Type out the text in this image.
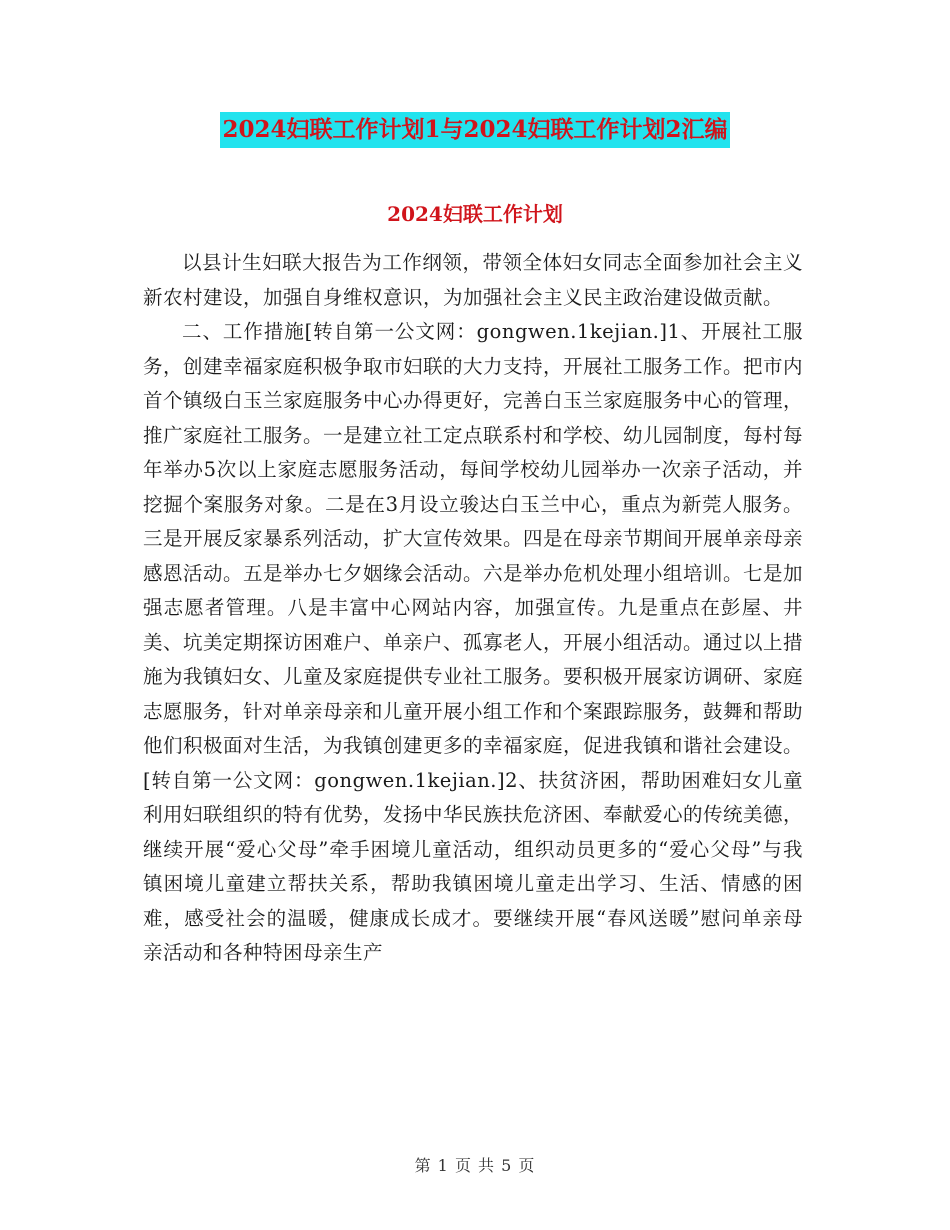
2024妇联工作计划1与2024妇联工作计划2汇编
2024妇联工作计划

以县计生妇联大报告为工作纲领，带领全体妇女同志全面参加社会主义新农村建设，加强自身维权意识，为加强社会主义民主政治建设做贡献。

二、工作措施[转自第一公文网：gongwen.1kejian.]1、开展社工服务，创建幸福家庭积极争取市妇联的大力支持，开展社工服务工作。把市内首个镇级白玉兰家庭服务中心办得更好，完善白玉兰家庭服务中心的管理，推广家庭社工服务。一是建立社工定点联系村和学校、幼儿园制度，每村每年举办5次以上家庭志愿服务活动，每间学校幼儿园举办一次亲子活动，并挖掘个案服务对象。二是在3月设立骏达白玉兰中心，重点为新莞人服务。三是开展反家暴系列活动，扩大宣传效果。四是在母亲节期间开展单亲母亲感恩活动。五是举办七夕姻缘会活动。六是举办危机处理小组培训。七是加强志愿者管理。八是丰富中心网站内容，加强宣传。九是重点在彭屋、井美、坑美定期探访困难户、单亲户、孤寡老人，开展小组活动。通过以上措施为我镇妇女、儿童及家庭提供专业社工服务。要积极开展家访调研、家庭志愿服务，针对单亲母亲和儿童开展小组工作和个案跟踪服务，鼓舞和帮助他们积极面对生活，为我镇创建更多的幸福家庭，促进我镇和谐社会建设。[转自第一公文网：gongwen.1kejian.]2、扶贫济困，帮助困难妇女儿童利用妇联组织的特有优势，发扬中华民族扶危济困、奉献爱心的传统美德，继续开展“爱心父母”牵手困境儿童活动，组织动员更多的“爱心父母”与我镇困境儿童建立帮扶关系，帮助我镇困境儿童走出学习、生活、情感的困难，感受社会的温暖，健康成长成才。要继续开展“春风送暖”慰问单亲母亲活动和各种特困母亲生产

第 1 页 共 5 页
